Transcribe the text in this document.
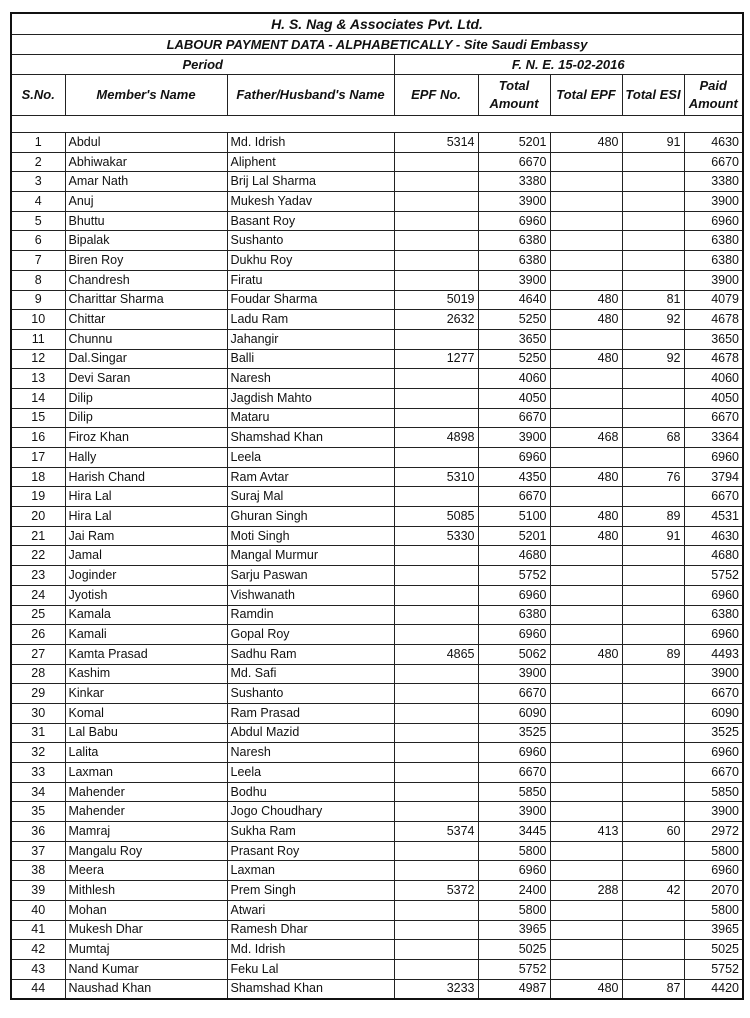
H. S. Nag & Associates Pvt. Ltd.							
LABOUR PAYMENT DATA - ALPHABETICALLY - Site Saudi Embassy							
Period			F. N. E. 15-02-2016				
S.No.	Member's Name	Father/Husband's Name	EPF No.	Total Amount	Total EPF	Total ESI	Paid Amount

1	Abdul	Md. Idrish	5314	5201	480	91	4630
2	Abhiwakar	Aliphent		6670			6670
3	Amar Nath	Brij Lal Sharma		3380			3380
4	Anuj	Mukesh Yadav		3900			3900
5	Bhuttu	Basant Roy		6960			6960
6	Bipalak	Sushanto		6380			6380
7	Biren Roy	Dukhu Roy		6380			6380
8	Chandresh	Firatu		3900			3900
9	Charittar Sharma	Foudar Sharma	5019	4640	480	81	4079
10	Chittar	Ladu Ram	2632	5250	480	92	4678
11	Chunnu	Jahangir		3650			3650
12	Dal.Singar	Balli	1277	5250	480	92	4678
13	Devi Saran	Naresh		4060			4060
14	Dilip	Jagdish Mahto		4050			4050
15	Dilip	Mataru		6670			6670
16	Firoz Khan	Shamshad Khan	4898	3900	468	68	3364
17	Hally	Leela		6960			6960
18	Harish Chand	Ram Avtar	5310	4350	480	76	3794
19	Hira Lal	Suraj Mal		6670			6670
20	Hira Lal	Ghuran Singh	5085	5100	480	89	4531
21	Jai Ram	Moti Singh	5330	5201	480	91	4630
22	Jamal	Mangal Murmur		4680			4680
23	Joginder	Sarju Paswan		5752			5752
24	Jyotish	Vishwanath		6960			6960
25	Kamala	Ramdin		6380			6380
26	Kamali	Gopal Roy		6960			6960
27	Kamta Prasad	Sadhu Ram	4865	5062	480	89	4493
28	Kashim	Md. Safi		3900			3900
29	Kinkar	Sushanto		6670			6670
30	Komal	Ram Prasad		6090			6090
31	Lal Babu	Abdul Mazid		3525			3525
32	Lalita	Naresh		6960			6960
33	Laxman	Leela		6670			6670
34	Mahender	Bodhu		5850			5850
35	Mahender	Jogo Choudhary		3900			3900
36	Mamraj	Sukha Ram	5374	3445	413	60	2972
37	Mangalu Roy	Prasant Roy		5800			5800
38	Meera	Laxman		6960			6960
39	Mithlesh	Prem Singh	5372	2400	288	42	2070
40	Mohan	Atwari		5800			5800
41	Mukesh Dhar	Ramesh Dhar		3965			3965
42	Mumtaj	Md. Idrish		5025			5025
43	Nand Kumar	Feku Lal		5752			5752
44	Naushad Khan	Shamshad Khan	3233	4987	480	87	4420
